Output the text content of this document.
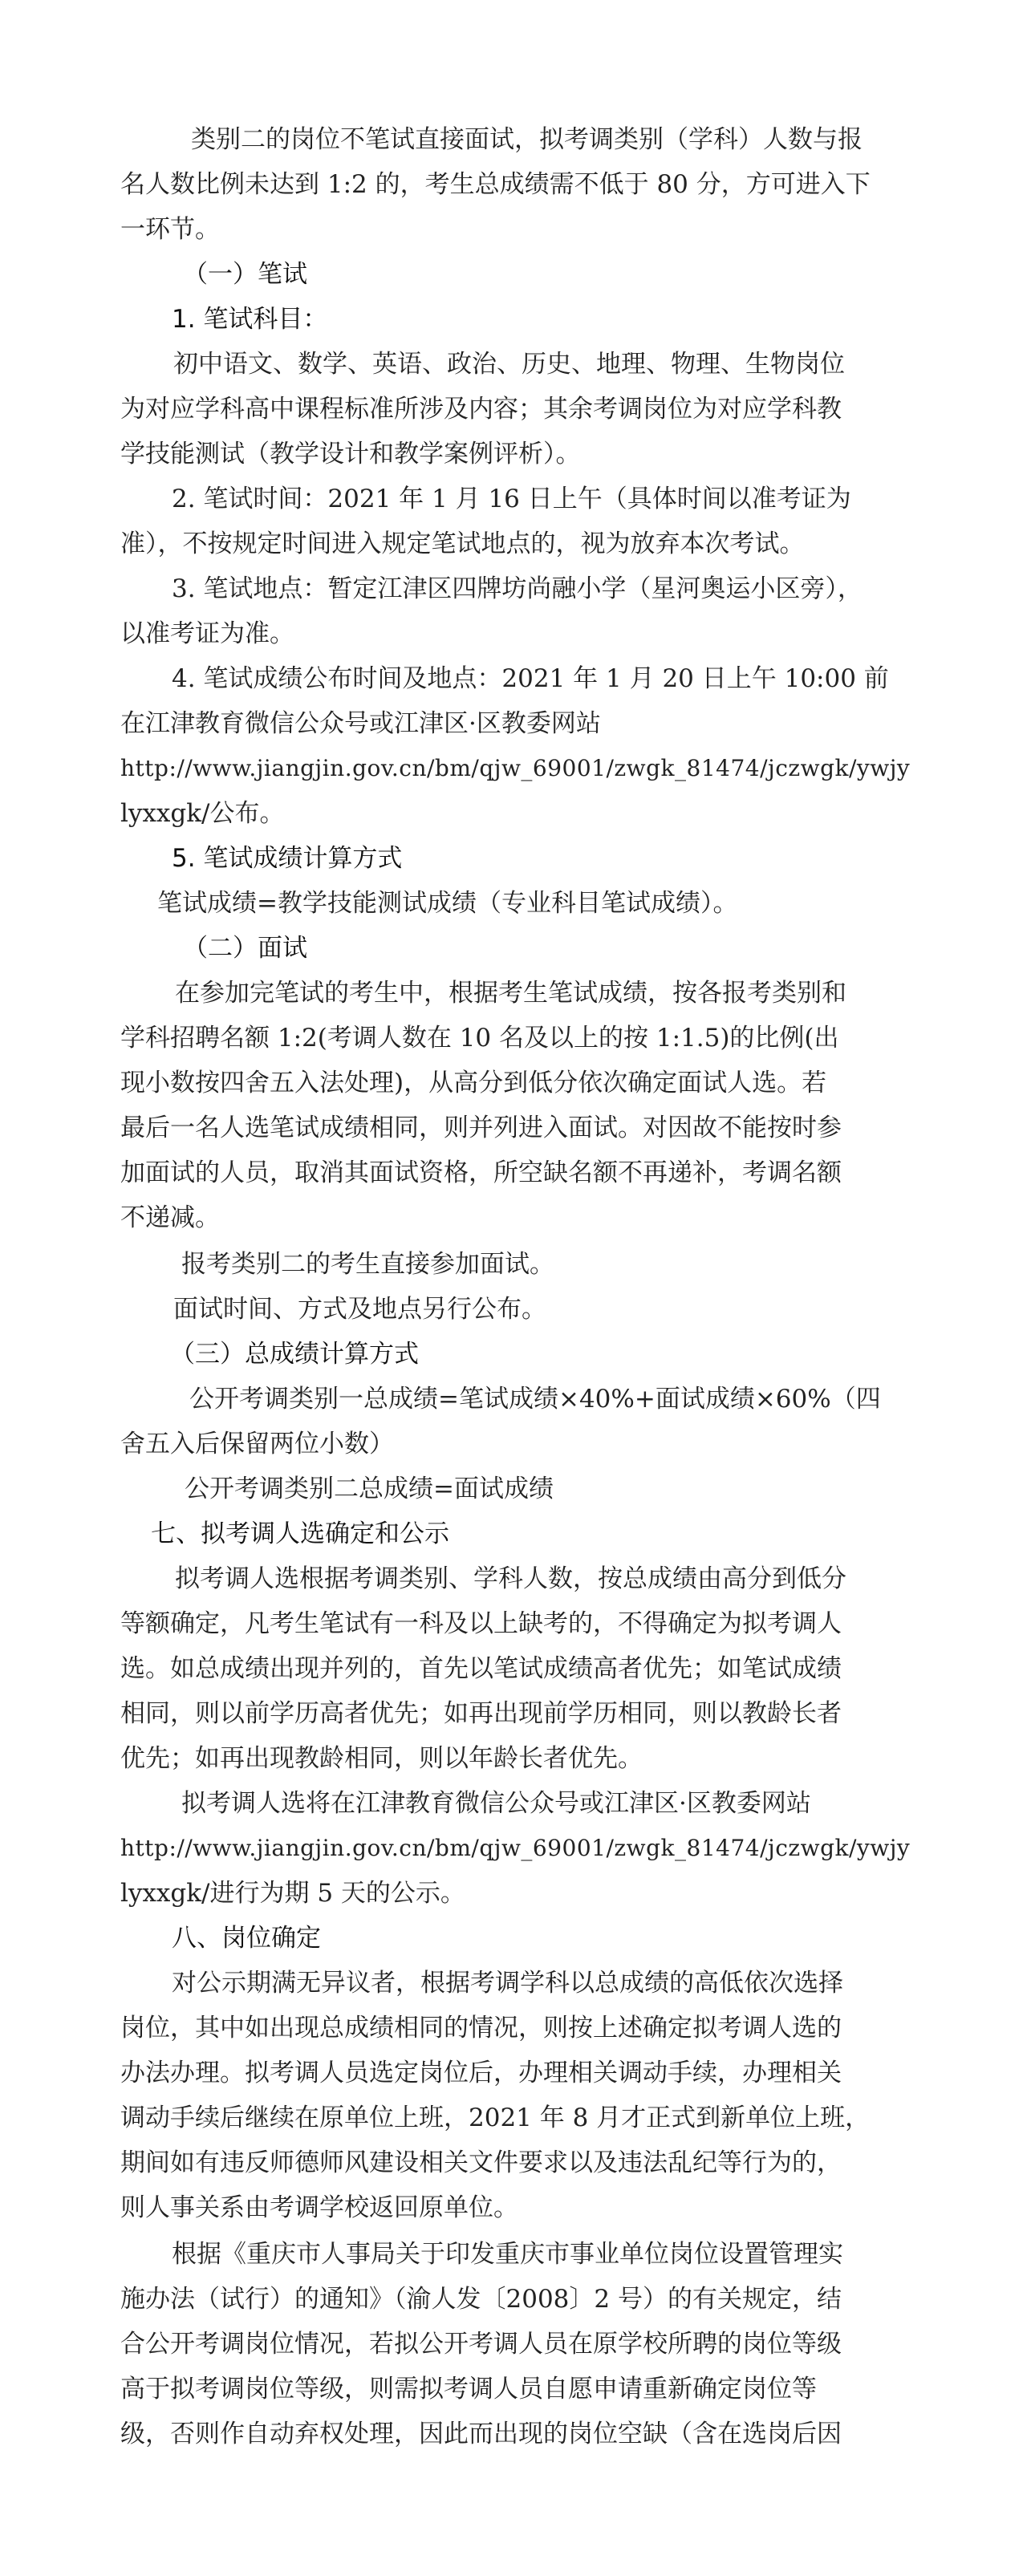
类别二的岗位不笔试直接面试，拟考调类别（学科）人数与报
名人数比例未达到 1:2 的，考生总成绩需不低于 80 分，方可进入下
一环节。
（一）笔试
1. 笔试科目：
初中语文、数学、英语、政治、历史、地理、物理、生物岗位
为对应学科高中课程标准所涉及内容；其余考调岗位为对应学科教
学技能测试（教学设计和教学案例评析）。
2. 笔试时间：2021 年 1 月 16 日上午（具体时间以准考证为
准），不按规定时间进入规定笔试地点的，视为放弃本次考试。
3. 笔试地点：暂定江津区四牌坊尚融小学（星河奥运小区旁），
以准考证为准。
4. 笔试成绩公布时间及地点：2021 年 1 月 20 日上午 10:00 前
在江津教育微信公众号或江津区·区教委网站
http://www.jiangjin.gov.cn/bm/qjw_69001/zwgk_81474/jczwgk/ywjy
lyxxgk/公布。
5. 笔试成绩计算方式
笔试成绩=教学技能测试成绩（专业科目笔试成绩）。
（二）面试
在参加完笔试的考生中，根据考生笔试成绩，按各报考类别和
学科招聘名额 1:2(考调人数在 10 名及以上的按 1:1.5)的比例(出
现小数按四舍五入法处理)，从高分到低分依次确定面试人选。若
最后一名人选笔试成绩相同，则并列进入面试。对因故不能按时参
加面试的人员，取消其面试资格，所空缺名额不再递补，考调名额
不递减。
报考类别二的考生直接参加面试。
面试时间、方式及地点另行公布。
（三）总成绩计算方式
公开考调类别一总成绩=笔试成绩×40%+面试成绩×60%（四
舍五入后保留两位小数）
公开考调类别二总成绩=面试成绩
七、拟考调人选确定和公示
拟考调人选根据考调类别、学科人数，按总成绩由高分到低分
等额确定，凡考生笔试有一科及以上缺考的，不得确定为拟考调人
选。如总成绩出现并列的，首先以笔试成绩高者优先；如笔试成绩
相同，则以前学历高者优先；如再出现前学历相同，则以教龄长者
优先；如再出现教龄相同，则以年龄长者优先。
拟考调人选将在江津教育微信公众号或江津区·区教委网站
http://www.jiangjin.gov.cn/bm/qjw_69001/zwgk_81474/jczwgk/ywjy
lyxxgk/进行为期 5 天的公示。
八、岗位确定
对公示期满无异议者，根据考调学科以总成绩的高低依次选择
岗位，其中如出现总成绩相同的情况，则按上述确定拟考调人选的
办法办理。拟考调人员选定岗位后，办理相关调动手续，办理相关
调动手续后继续在原单位上班，2021 年 8 月才正式到新单位上班，
期间如有违反师德师风建设相关文件要求以及违法乱纪等行为的，
则人事关系由考调学校返回原单位。
根据《重庆市人事局关于印发重庆市事业单位岗位设置管理实
施办法（试行）的通知》（渝人发〔2008〕2 号）的有关规定，结
合公开考调岗位情况，若拟公开考调人员在原学校所聘的岗位等级
高于拟考调岗位等级，则需拟考调人员自愿申请重新确定岗位等
级，否则作自动弃权处理，因此而出现的岗位空缺（含在选岗后因
